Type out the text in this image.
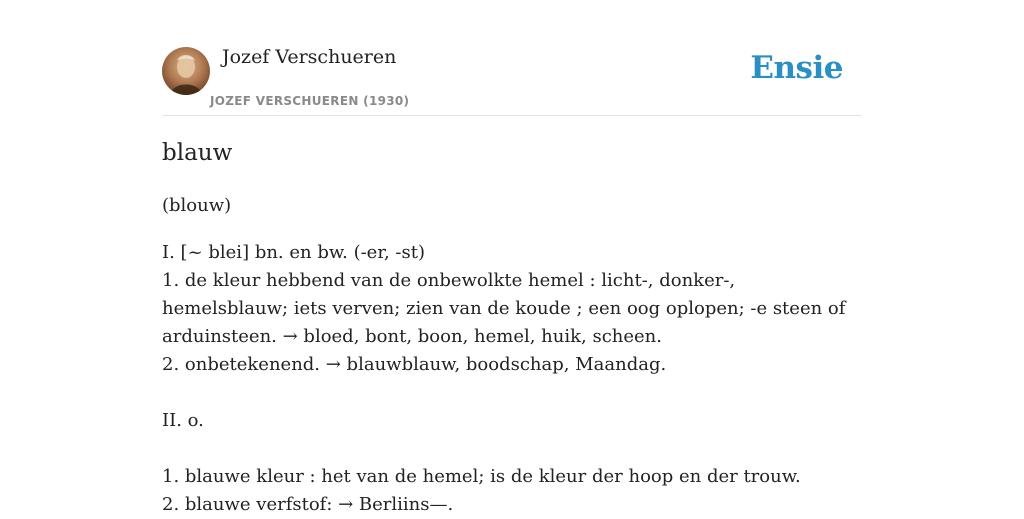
Jozef Verschueren
JOZEF VERSCHUEREN (1930)
Ensie
blauw
(blouw)

I. [~ blei] bn. en bw. (-er, -st)

1. de kleur hebbend van de onbewolkte hemel : licht-, donker-, hemelsblauw; iets verven; zien van de koude ; een oog oplopen; -e steen of arduinsteen. → bloed, bont, boon, hemel, huik, scheen.

2. onbetekenend. → blauwblauw, boodschap, Maandag.

II. o.

1. blauwe kleur : het van de hemel; is de kleur der hoop en der trouw.

2. blauwe verfstof: → Berliins—.
